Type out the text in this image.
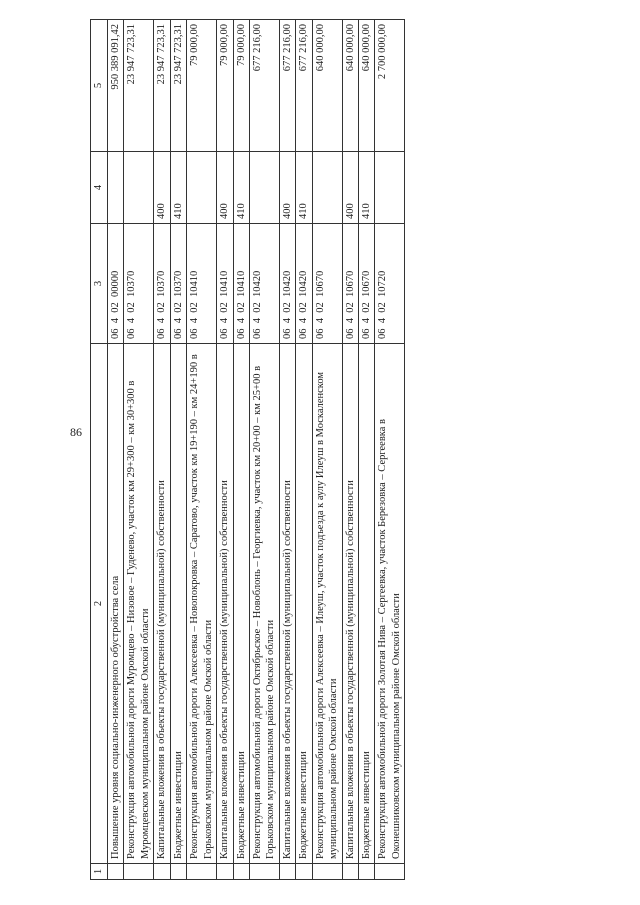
86
1	2	3	4	5
	Повышение уровня социально-инженерного обустройства села	06  4  02  00000		950 389 091,42
	Реконструкция автомобильной дороги Муромцево – Низовое – Гуденево, участок км 29+300 – км 30+300 в Муромцевском муниципальном районе Омской области	06  4  02  10370		23 947 723,31
	Капитальные вложения в объекты государственной (муниципальной) собственности	06  4  02  10370	400	23 947 723,31
	Бюджетные инвестиции	06  4  02  10370	410	23 947 723,31
	Реконструкция автомобильной дороги Алексеевка – Новопокровка – Саратово, участок км 19+190 – км 24+190 в Горьковском муниципальном районе Омской области	06  4  02  10410		79 000,00
	Капитальные вложения в объекты государственной (муниципальной) собственности	06  4  02  10410	400	79 000,00
	Бюджетные инвестиции	06  4  02  10410	410	79 000,00
	Реконструкция автомобильной дороги Октябрьское – Новоблонь – Георгиевка, участок км 20+00 – км 25+00 в Горьковском муниципальном районе Омской области	06  4  02  10420		677 216,00
	Капитальные вложения в объекты государственной (муниципальной) собственности	06  4  02  10420	400	677 216,00
	Бюджетные инвестиции	06  4  02  10420	410	677 216,00
	Реконструкция автомобильной дороги Алексеевка – Илеуш, участок подъезда к аулу Илеуш в Москаленском муниципальном районе Омской области	06  4  02  10670		640 000,00
	Капитальные вложения в объекты государственной (муниципальной) собственности	06  4  02  10670	400	640 000,00
	Бюджетные инвестиции	06  4  02  10670	410	640 000,00
	Реконструкция автомобильной дороги Золотая Нива – Сергеевка, участок Березовка – Сергеевка в Оконешниковском муниципальном районе Омской области	06  4  02  10720		2 700 000,00
